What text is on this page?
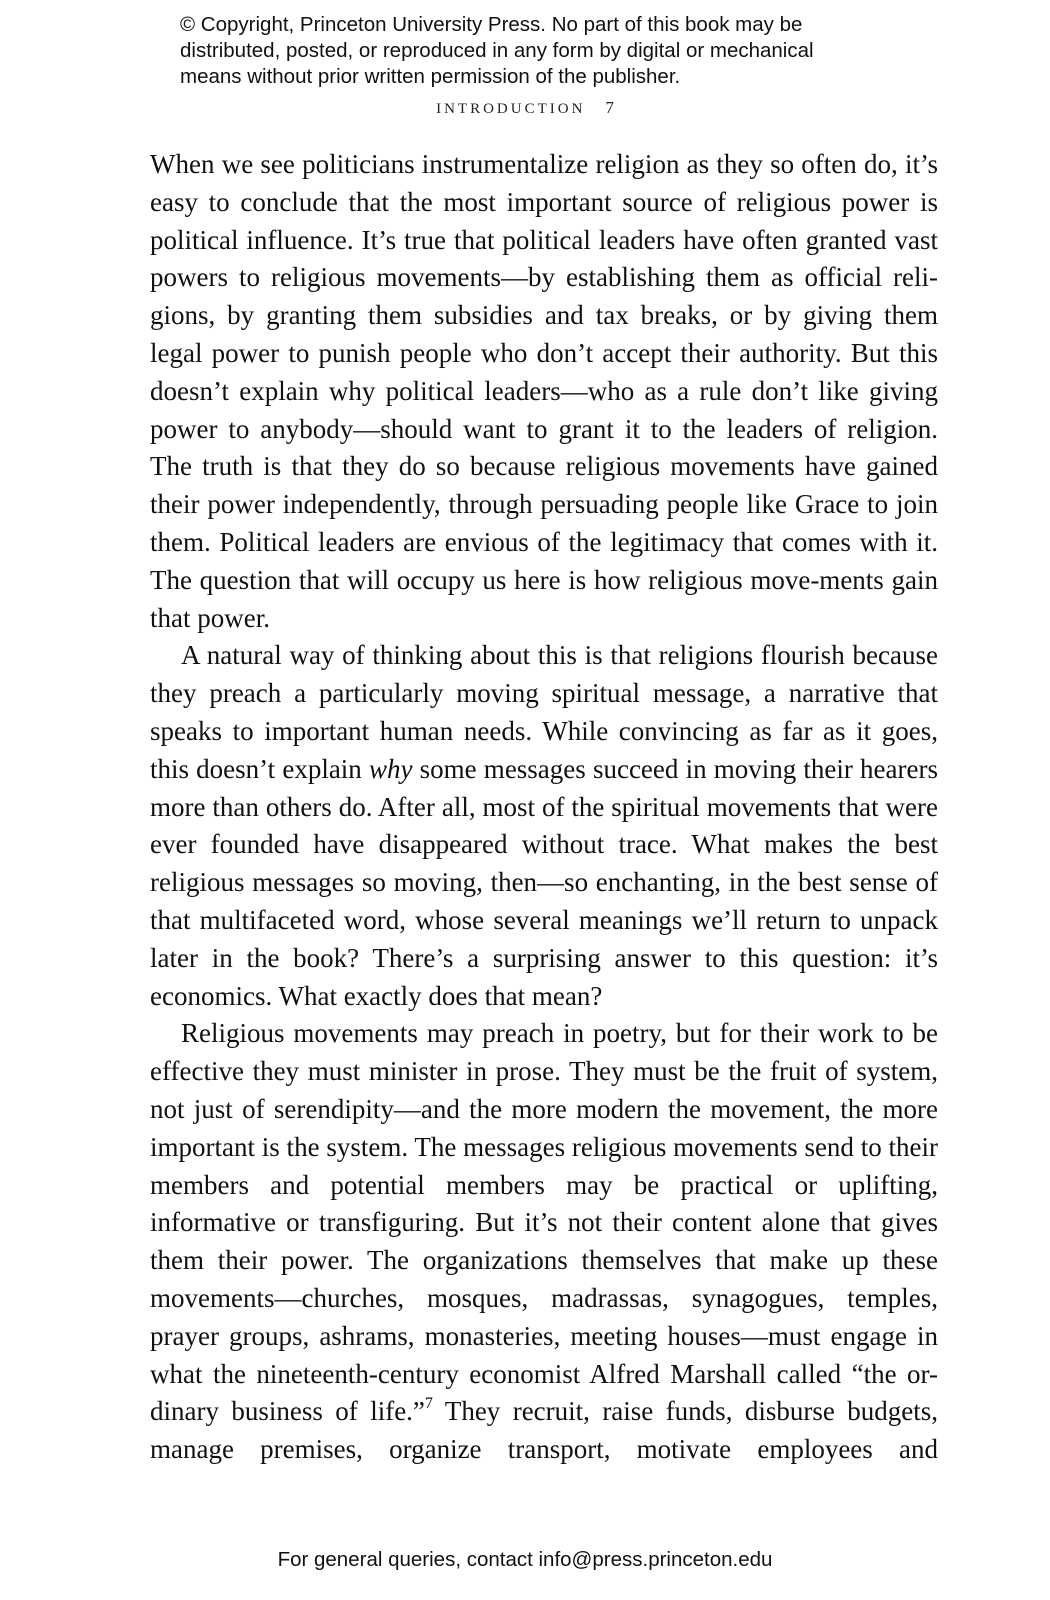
© Copyright, Princeton University Press. No part of this book may be
distributed, posted, or reproduced in any form by digital or mechanical
means without prior written permission of the publisher.
INTRODUCTION 7

When we see politicians instrumentalize religion as they so often do, it’s easy to conclude that the most important source of religious power is political influence. It’s true that political leaders have often granted vast powers to religious movements—by establishing them as official reli-gions, by granting them subsidies and tax breaks, or by giving them legal power to punish people who don’t accept their authority. But this doesn’t explain why political leaders—who as a rule don’t like giving power to anybody—should want to grant it to the leaders of religion. The truth is that they do so because religious movements have gained their power independently, through persuading people like Grace to join them. Political leaders are envious of the legitimacy that comes with it. The question that will occupy us here is how religious move-ments gain that power.

A natural way of thinking about this is that religions flourish because they preach a particularly moving spiritual message, a narrative that speaks to important human needs. While convincing as far as it goes, this doesn’t explain why some messages succeed in moving their hearers more than others do. After all, most of the spiritual movements that were ever founded have disappeared without trace. What makes the best religious messages so moving, then—so enchanting, in the best sense of that multifaceted word, whose several meanings we’ll return to unpack later in the book? There’s a surprising answer to this question: it’s economics. What exactly does that mean?

Religious movements may preach in poetry, but for their work to be effective they must minister in prose. They must be the fruit of system, not just of serendipity—and the more modern the movement, the more important is the system. The messages religious movements send to their members and potential members may be practical or uplifting, informative or transfiguring. But it’s not their content alone that gives them their power. The organizations themselves that make up these movements—churches, mosques, madrassas, synagogues, temples, prayer groups, ashrams, monasteries, meeting houses—must engage in what the nineteenth-century economist Alfred Marshall called “the or-dinary business of life.”$^7$ They recruit, raise funds, disburse budgets, manage premises, organize transport, motivate employees and

For general queries, contact info@press.princeton.edu
